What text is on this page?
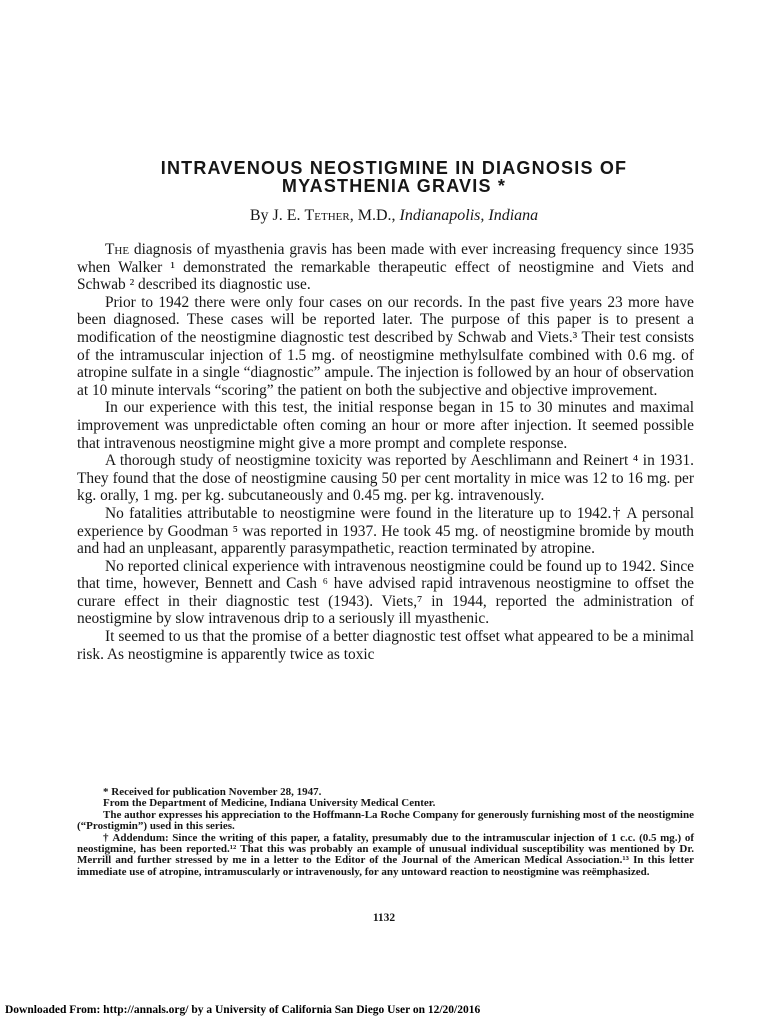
INTRAVENOUS NEOSTIGMINE IN DIAGNOSIS OF
MYASTHENIA GRAVIS *
By J. E. Tether, M.D., Indianapolis, Indiana

The diagnosis of myasthenia gravis has been made with ever increasing frequency since 1935 when Walker ¹ demonstrated the remarkable therapeutic effect of neostigmine and Viets and Schwab ² described its diagnostic use.

Prior to 1942 there were only four cases on our records. In the past five years 23 more have been diagnosed. These cases will be reported later. The purpose of this paper is to present a modification of the neostigmine diagnostic test described by Schwab and Viets.³ Their test consists of the intramuscular injection of 1.5 mg. of neostigmine methylsulfate combined with 0.6 mg. of atropine sulfate in a single “diagnostic” ampule. The injection is followed by an hour of observation at 10 minute intervals “scoring” the patient on both the subjective and objective improvement.

In our experience with this test, the initial response began in 15 to 30 minutes and maximal improvement was unpredictable often coming an hour or more after injection. It seemed possible that intravenous neostigmine might give a more prompt and complete response.

A thorough study of neostigmine toxicity was reported by Aeschlimann and Reinert ⁴ in 1931. They found that the dose of neostigmine causing 50 per cent mortality in mice was 12 to 16 mg. per kg. orally, 1 mg. per kg. subcutaneously and 0.45 mg. per kg. intravenously.

No fatalities attributable to neostigmine were found in the literature up to 1942.† A personal experience by Goodman ⁵ was reported in 1937. He took 45 mg. of neostigmine bromide by mouth and had an unpleasant, apparently parasympathetic, reaction terminated by atropine.

No reported clinical experience with intravenous neostigmine could be found up to 1942. Since that time, however, Bennett and Cash ⁶ have advised rapid intravenous neostigmine to offset the curare effect in their diagnostic test (1943). Viets,⁷ in 1944, reported the administration of neostigmine by slow intravenous drip to a seriously ill myasthenic.

It seemed to us that the promise of a better diagnostic test offset what appeared to be a minimal risk. As neostigmine is apparently twice as toxic

* Received for publication November 28, 1947.

From the Department of Medicine, Indiana University Medical Center.

The author expresses his appreciation to the Hoffmann-La Roche Company for generously furnishing most of the neostigmine (“Prostigmin”) used in this series.

† Addendum: Since the writing of this paper, a fatality, presumably due to the intramuscular injection of 1 c.c. (0.5 mg.) of neostigmine, has been reported.¹² That this was probably an example of unusual individual susceptibility was mentioned by Dr. Merrill and further stressed by me in a letter to the Editor of the Journal of the American Medical Association.¹³ In this letter immediate use of atropine, intramuscularly or intravenously, for any untoward reaction to neostigmine was reëmphasized.

1132
Downloaded From: http://annals.org/ by a University of California San Diego User on 12/20/2016
